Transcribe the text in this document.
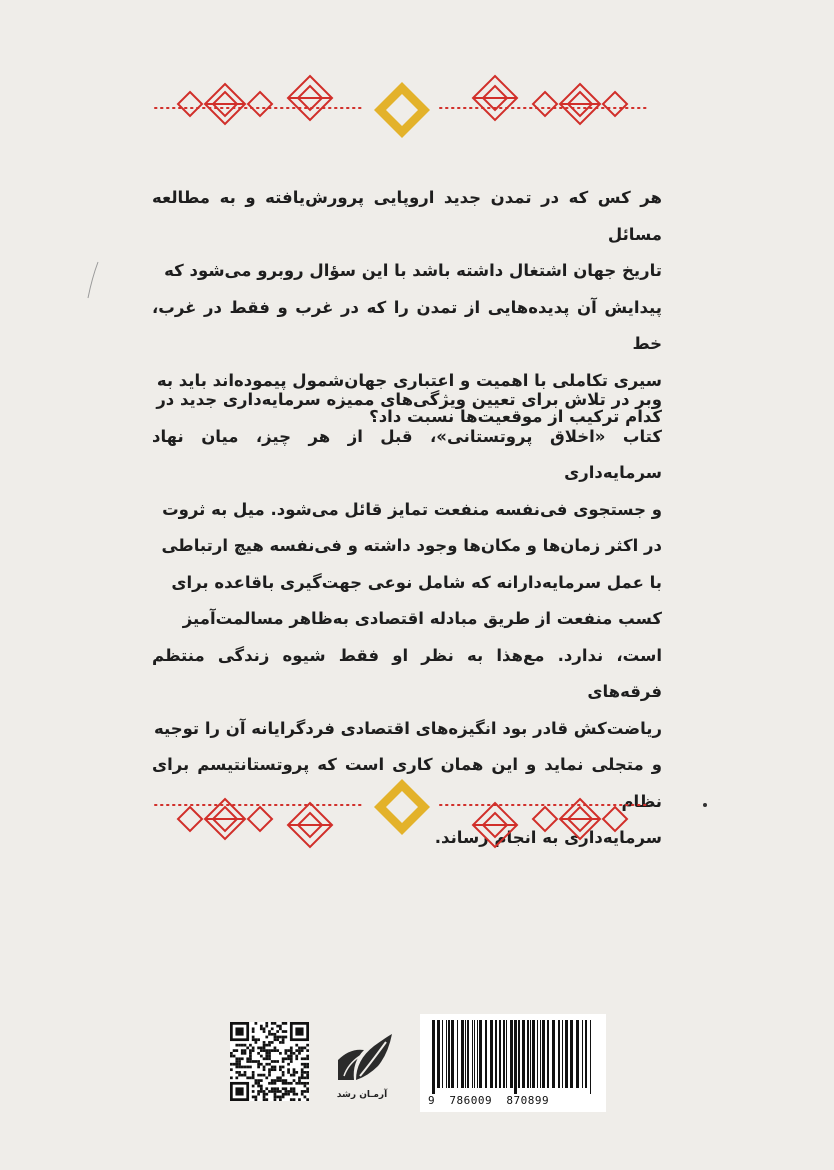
هر کس که در تمدن جدید اروپایی پرورش‌یافته و به مطالعه مسائل
تاریخ جهان اشتغال داشته باشد با این سؤال روبرو می‌شود که
پیدایش آن پدیده‌هایی از تمدن را که در غرب و فقط در غرب، خط
سیری تکاملی با اهمیت و اعتباری جهان‌شمول پیموده‌اند باید به
کدام ترکیب از موقعیت‌ها نسبت داد؟
وبر در تلاش برای تعیین ویژگی‌های ممیزه سرمایه‌داری جدید در
کتاب «اخلاق پروتستانی»، قبل از هر چیز، میان نهاد سرمایه‌داری
و جستجوی فی‌نفسه منفعت تمایز قائل می‌شود. میل به ثروت
در اکثر زمان‌ها و مکان‌ها وجود داشته و فی‌نفسه هیچ ارتباطی
با عمل سرمایه‌دارانه که شامل نوعی جهت‌گیری باقاعده برای
کسب منفعت از طریق مبادله اقتصادی به‌ظاهر مسالمت‌آمیز
است، ندارد. مع‌هذا به نظر او فقط شیوه زندگی منتظم فرقه‌های
ریاضت‌کش قادر بود انگیزه‌های اقتصادی فردگرایانه آن را توجیه
و متجلی نماید و این همان کاری است که پروتستانتیسم برای نظام
سرمایه‌داری به انجام رساند.
آرمـان رشد	9  786009  870899
